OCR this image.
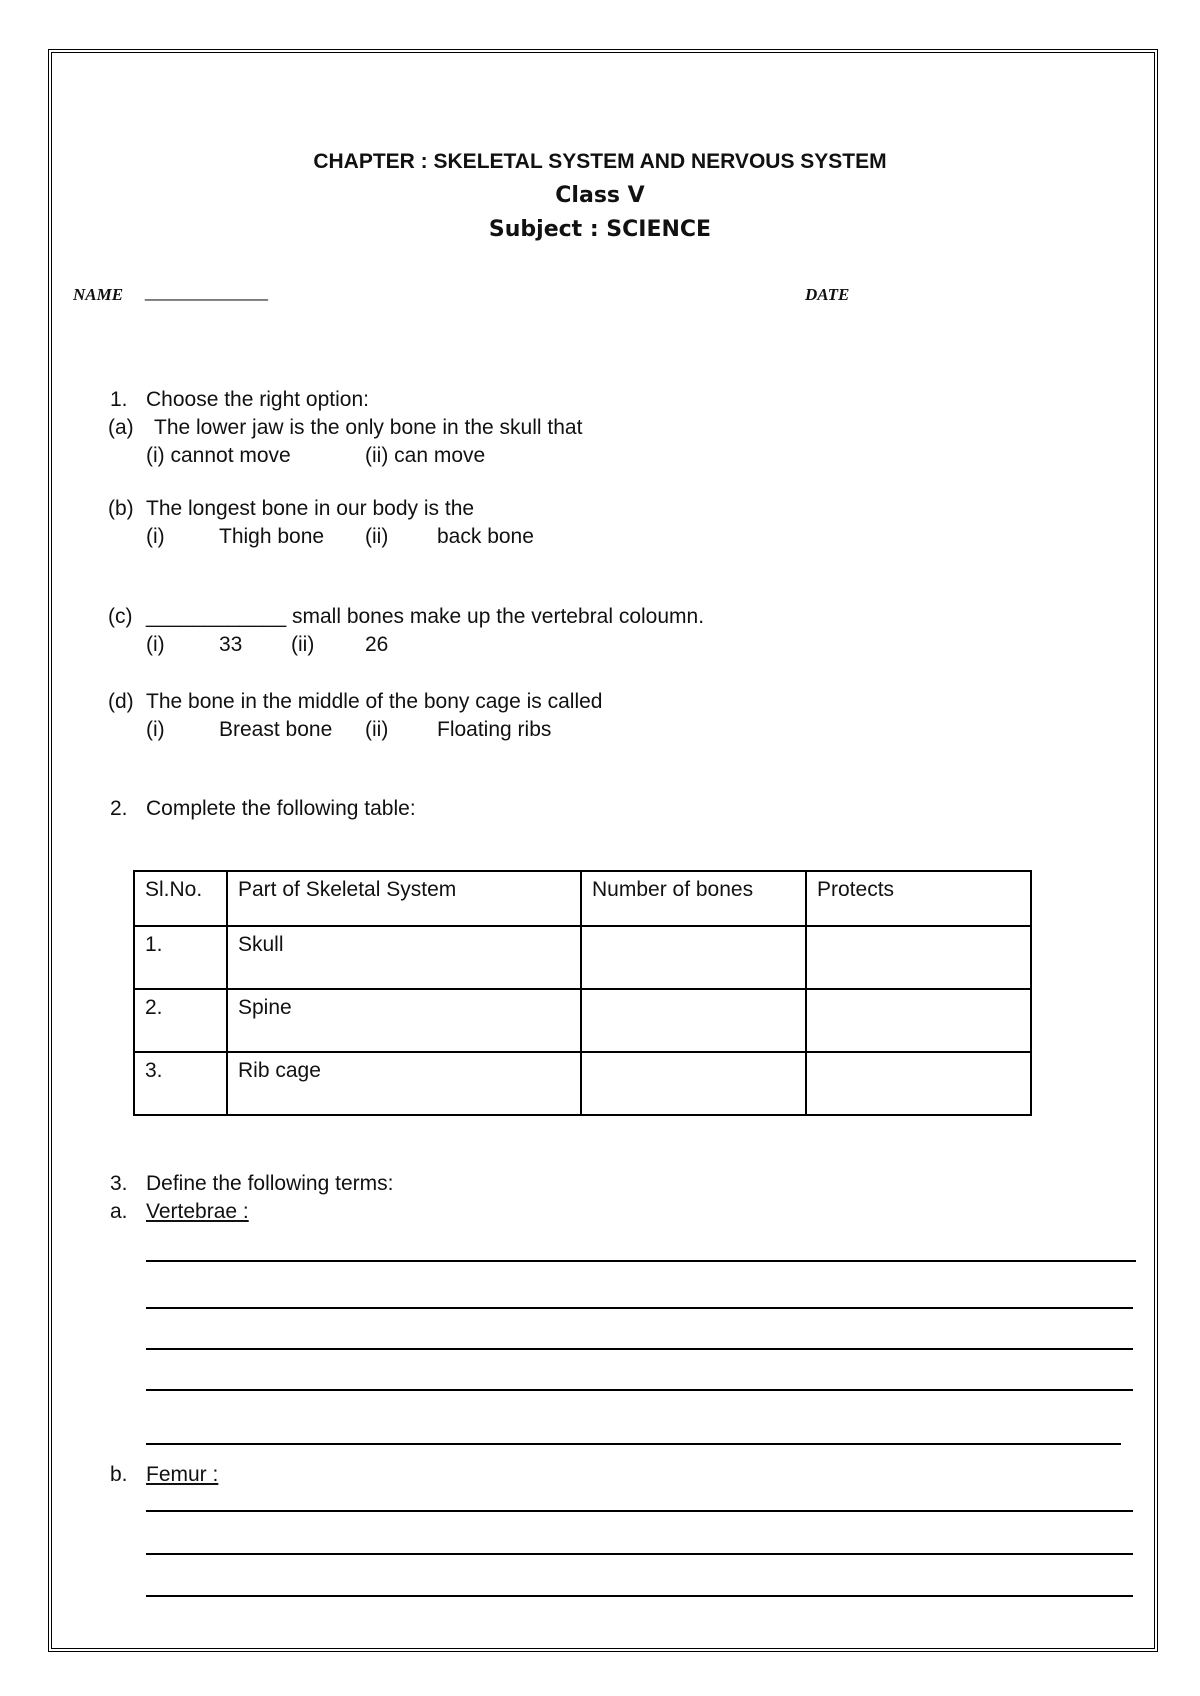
CHAPTER : SKELETAL SYSTEM AND NERVOUS SYSTEM
Class V
Subject : SCIENCE
NAME _____________	DATE
1. Choose the right option:
(a) The lower jaw is the only bone in the skull that
(i) cannot move	(ii) can move
(b) The longest bone in our body is the
(i)	Thigh bone (ii) back bone
(c) ____________ small bones make up the vertebral coloumn.
(i)	33 (ii) 26
(d) The bone in the middle of the bony cage is called
(i)	Breast bone (ii) Floating ribs
2. Complete the following table:
Sl.No.	Part of Skeletal System	Number of bones	Protects
1.	Skull		
2.	Spine		
3.	Rib cage		
3. Define the following terms:
a. Vertebrae :
b. Femur :
